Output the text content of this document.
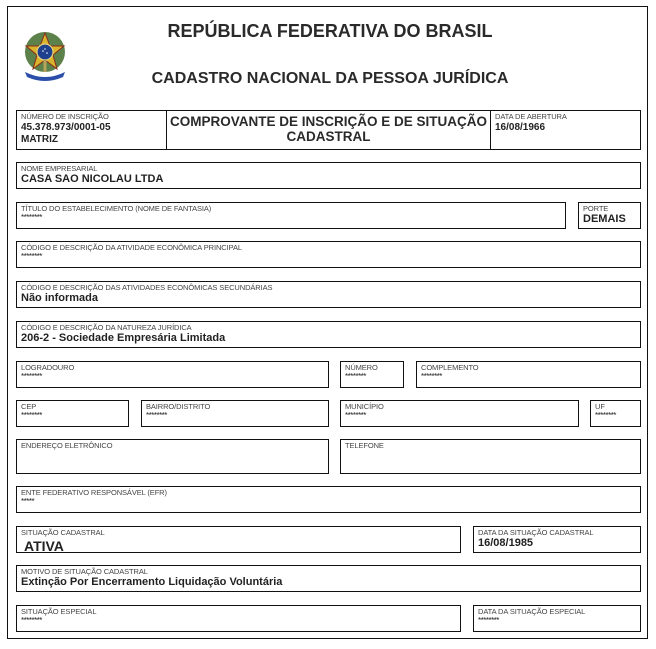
REPÚBLICA FEDERATIVA DO BRASIL
CADASTRO NACIONAL DA PESSOA JURÍDICA
NÚMERO DE INSCRIÇÃO
45.378.973/0001-05
MATRIZ
COMPROVANTE DE INSCRIÇÃO E DE SITUAÇÃO
CADASTRAL
DATA DE ABERTURA
16/08/1966
NOME EMPRESARIAL
CASA SAO NICOLAU LTDA
TÍTULO DO ESTABELECIMENTO (NOME DE FANTASIA)
********
PORTE
DEMAIS
CÓDIGO E DESCRIÇÃO DA ATIVIDADE ECONÔMICA PRINCIPAL
********
CÓDIGO E DESCRIÇÃO DAS ATIVIDADES ECONÔMICAS SECUNDÁRIAS
Não informada
CÓDIGO E DESCRIÇÃO DA NATUREZA JURÍDICA
206-2 - Sociedade Empresária Limitada
LOGRADOURO
********
NÚMERO
********
COMPLEMENTO
********
CEP
********
BAIRRO/DISTRITO
********
MUNICÍPIO
********
UF
********
ENDEREÇO ELETRÔNICO	TELEFONE
ENTE FEDERATIVO RESPONSÁVEL (EFR)
*****
SITUAÇÃO CADASTRAL
ATIVA
DATA DA SITUAÇÃO CADASTRAL
16/08/1985
MOTIVO DE SITUAÇÃO CADASTRAL
Extinção Por Encerramento Liquidação Voluntária
SITUAÇÃO ESPECIAL
********
DATA DA SITUAÇÃO ESPECIAL
********
